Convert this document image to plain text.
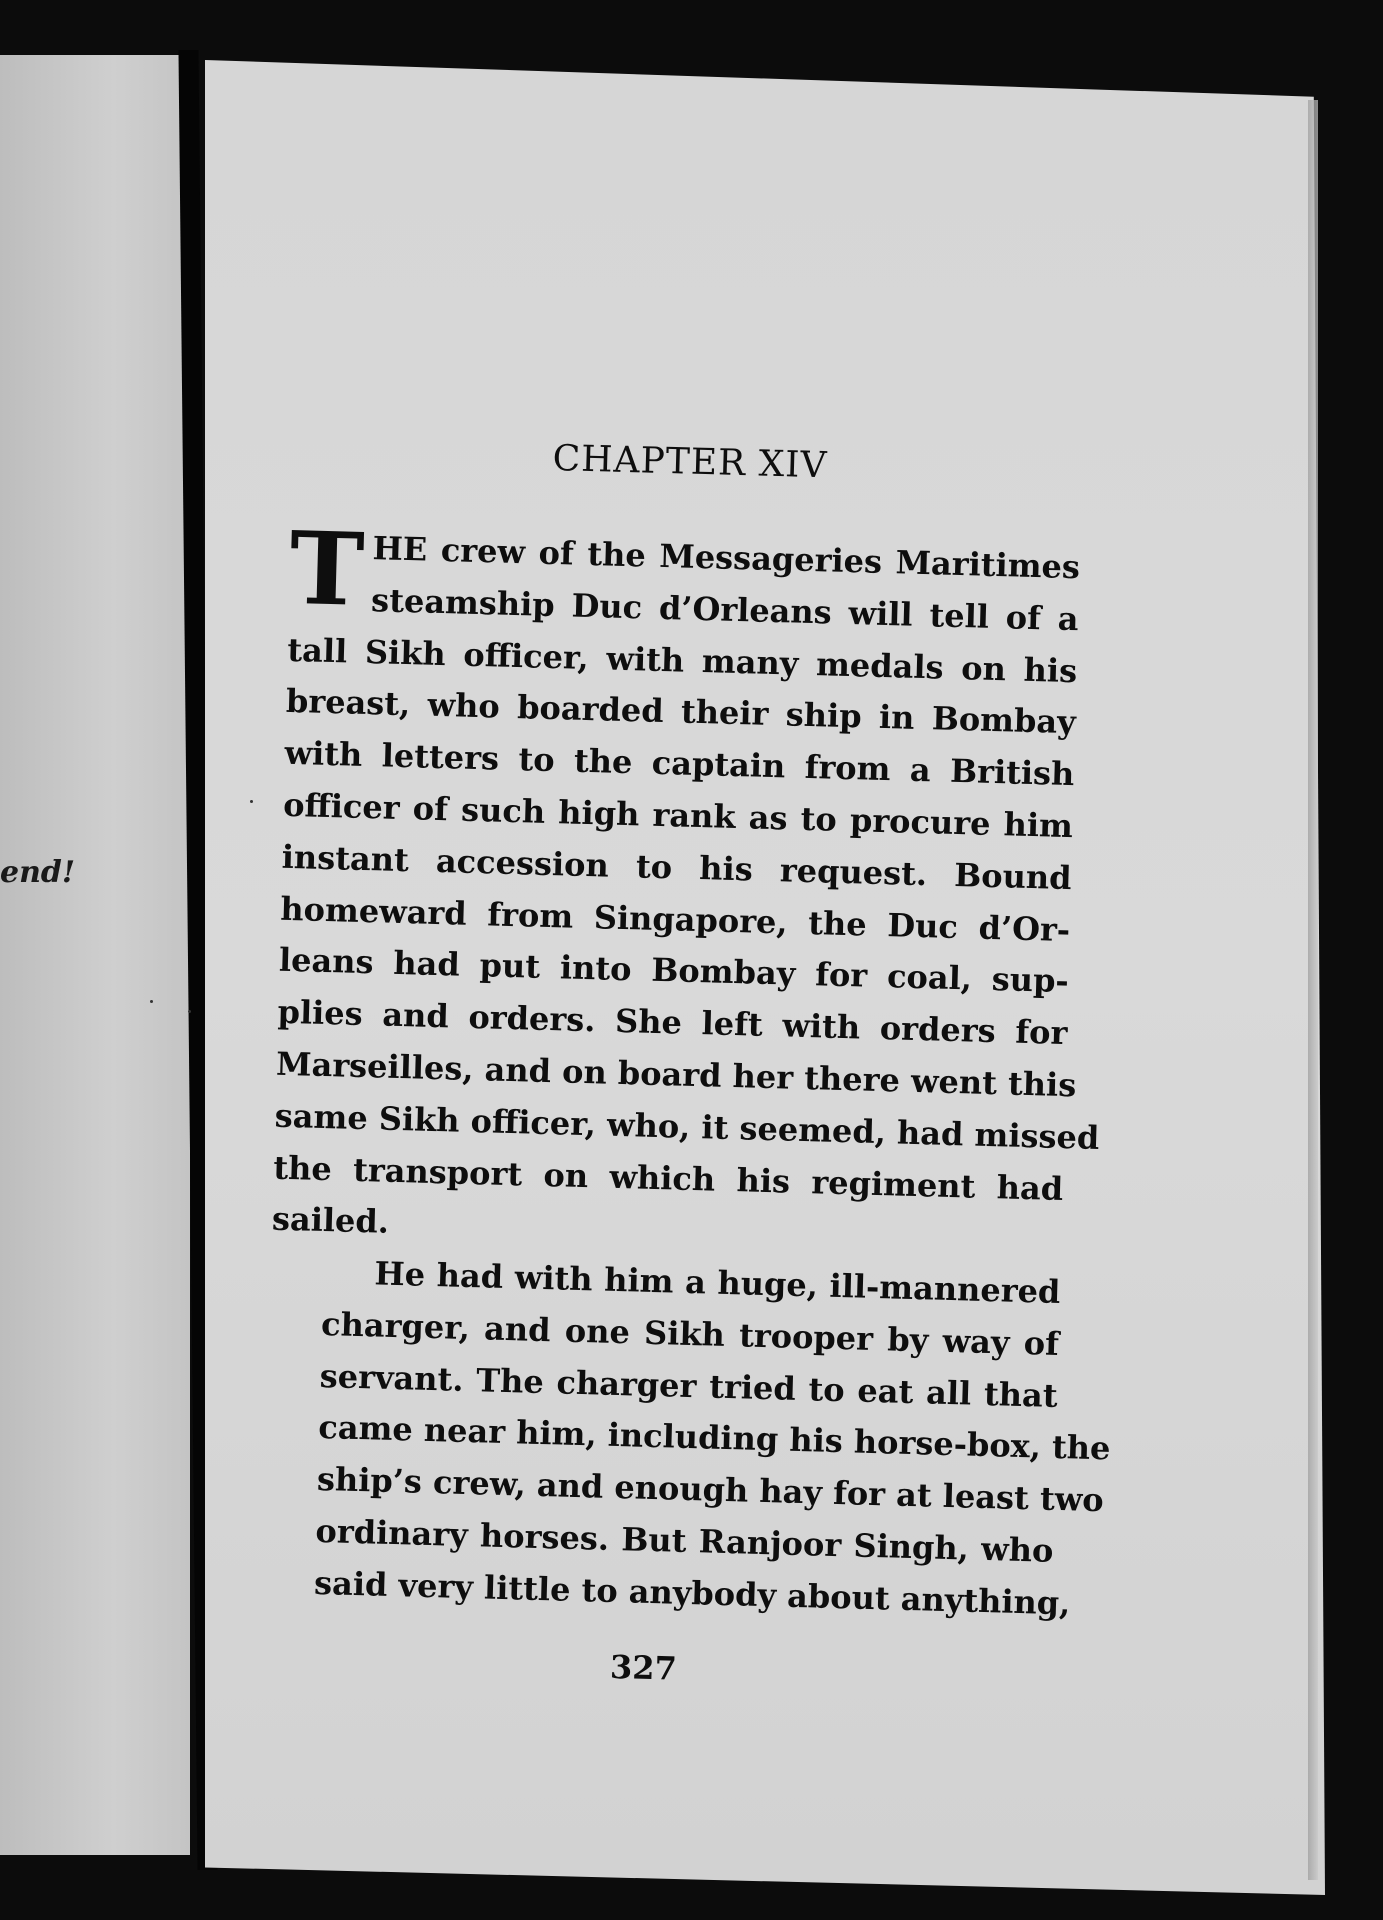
end!
CHAPTER XIV
T HE crew of the Messageries Maritimes
steamship Duc d’Orleans will tell of a
tall Sikh officer, with many medals on his
breast, who boarded their ship in Bombay
with letters to the captain from a British
officer of such high rank as to procure him
instant accession to his request. Bound
homeward from Singapore, the Duc d’Or-
leans had put into Bombay for coal, sup-
plies and orders. She left with orders for
Marseilles, and on board her there went this
same Sikh officer, who, it seemed, had missed
the transport on which his regiment had
sailed.
He had with him a huge, ill-mannered
charger, and one Sikh trooper by way of
servant. The charger tried to eat all that
came near him, including his horse-box, the
ship’s crew, and enough hay for at least two
ordinary horses. But Ranjoor Singh, who
said very little to anybody about anything,
327
